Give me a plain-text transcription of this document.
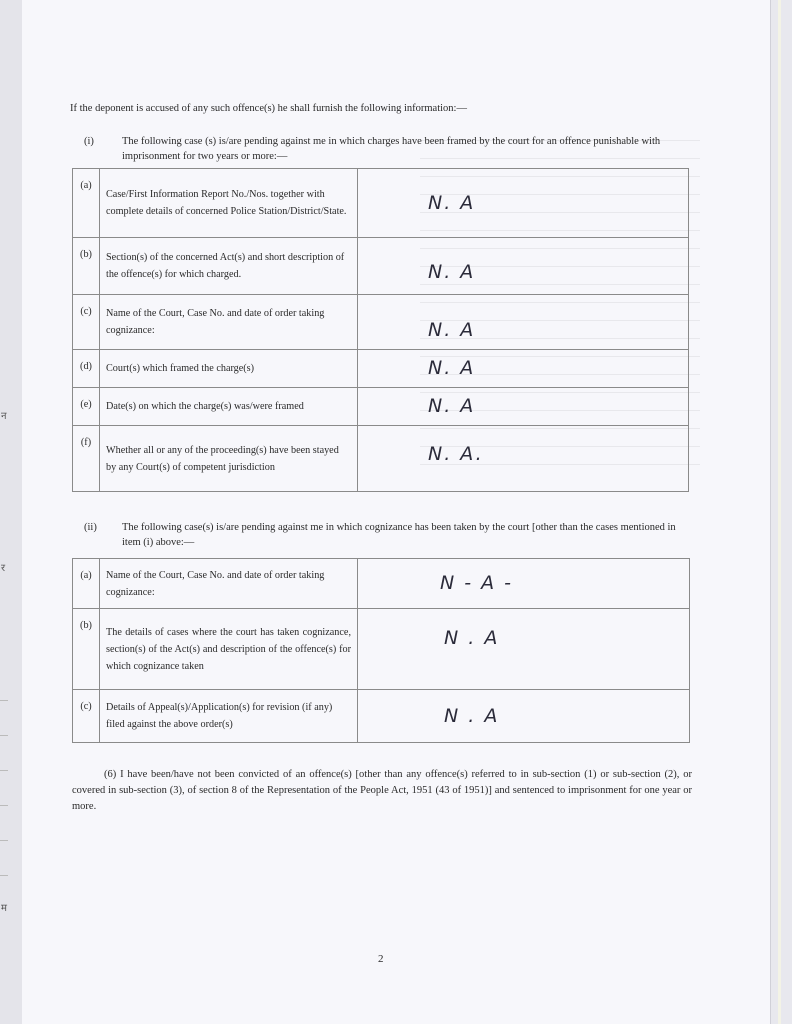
न
र
म
If the deponent is accused of any such offence(s) he shall furnish the following information:—
(i)	The following case (s) is/are pending against me in which charges have been framed by the court for an offence punishable with imprisonment for two years or more:—
(a)	Case/First Information Report No./Nos. together with complete details of concerned Police Station/District/State.	N. A
(b)	Section(s) of the concerned Act(s) and short description of the offence(s) for which charged.	N. A
(c)	Name of the Court, Case No. and date of order taking cognizance:	N. A
(d)	Court(s) which framed the charge(s)	N. A
(e)	Date(s) on which the charge(s) was/were framed	N. A
(f)	Whether all or any of the proceeding(s) have been stayed by any Court(s) of competent jurisdiction	N. A.
(ii) The following case(s) is/are pending against me in which cognizance has been taken by the court [other than the cases mentioned in item (i) above:—
(a)	Name of the Court, Case No. and date of order taking cognizance:	N - A -
(b)	The details of cases where the court has taken cognizance, section(s) of the Act(s) and description of the offence(s) for which cognizance taken	N . A
(c)	Details of Appeal(s)/Application(s) for revision (if any) filed against the above order(s)	N . A
(6) I have been/have not been convicted of an offence(s) [other than any offence(s) referred to in sub-section (1) or sub-section (2), or covered in sub-section (3), of section 8 of the Representation of the People Act, 1951 (43 of 1951)] and sentenced to imprisonment for one year or more.
2
